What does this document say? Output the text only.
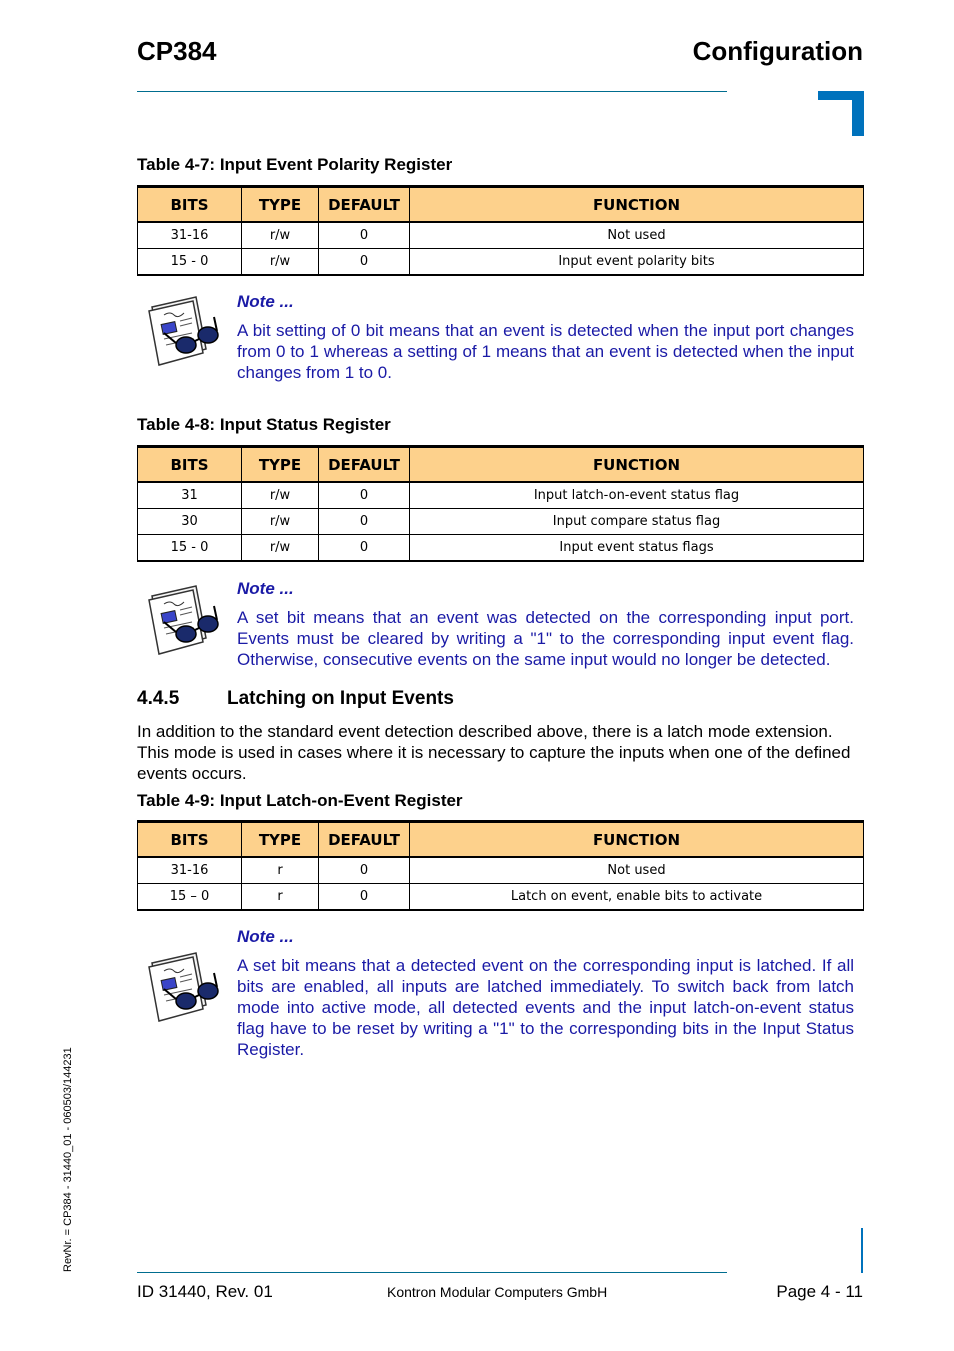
CP384	Configuration
Table 4-7: Input Event Polarity Register
BITS	TYPE	DEFAULT	FUNCTION
31-16	r/w	0	Not used
15 - 0	r/w	0	Input event polarity bits
Note ...
A bit setting of 0 bit means that an event is detected when the input port changes from 0 to 1 whereas a setting of 1 means that an event is detected when the input changes from 1 to 0.
Table 4-8: Input Status Register
BITS	TYPE	DEFAULT	FUNCTION
31	r/w	0	Input latch-on-event status flag
30	r/w	0	Input compare status flag
15 - 0	r/w	0	Input event status flags
Note ...
A set bit means that an event was detected on the corresponding input port. Events must be cleared by writing a "1" to the corresponding input event flag. Otherwise, consecutive events on the same input would no longer be detected.
4.4.5	Latching on Input Events
In addition to the standard event detection described above, there is a latch mode extension. This mode is used in cases where it is necessary to capture the inputs when one of the defined events occurs.
Table 4-9: Input Latch-on-Event Register
BITS	TYPE	DEFAULT	FUNCTION
31-16	r	0	Not used
15 – 0	r	0	Latch on event, enable bits to activate
Note ...
A set bit means that a detected event on the corresponding input is latched. If all bits are enabled, all inputs are latched immediately. To switch back from latch mode into active mode, all detected events and the input latch-on-event status flag have to be reset by writing a "1" to the corresponding bits in the Input Status Register.
RevNr. = CP384 - 31440_01 - 060503/144231
ID 31440, Rev. 01	Kontron Modular Computers GmbH	Page 4 - 11
